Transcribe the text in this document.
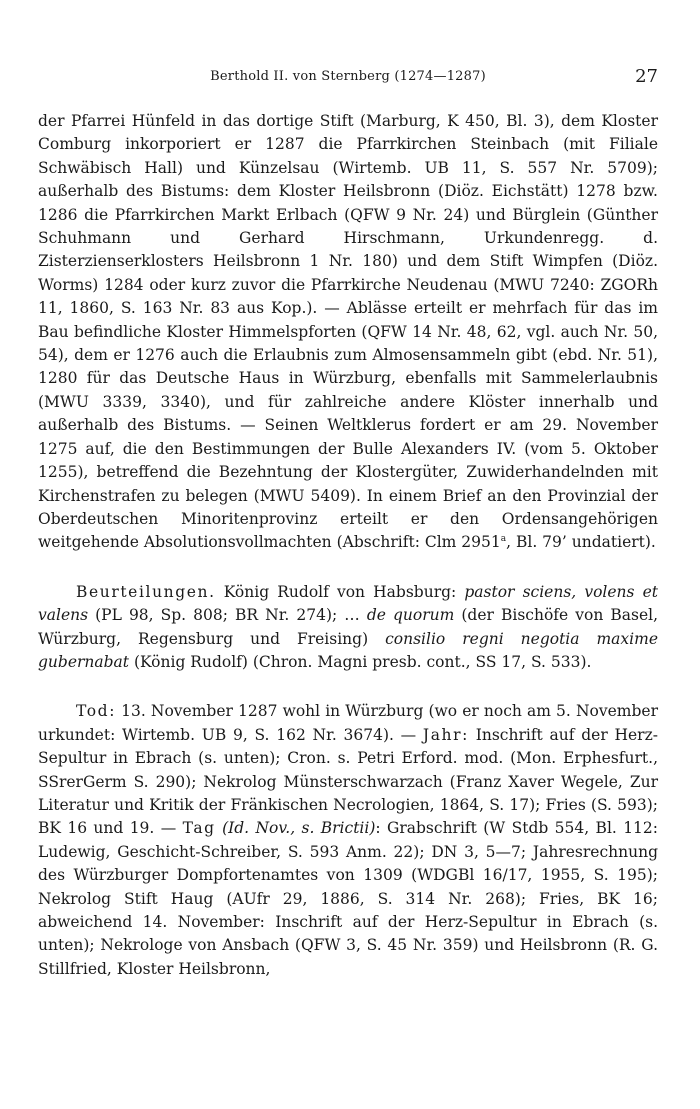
Berthold II. von Sternberg (1274—1287)	27

der Pfarrei Hünfeld in das dortige Stift (Marburg, K 450, Bl. 3), dem Kloster Comburg inkorporiert er 1287 die Pfarrkirchen Steinbach (mit Filiale Schwäbisch Hall) und Künzelsau (Wirtemb. UB 11, S. 557 Nr. 5709); außerhalb des Bistums: dem Kloster Heilsbronn (Diöz. Eichstätt) 1278 bzw. 1286 die Pfarrkirchen Markt Erlbach (QFW 9 Nr. 24) und Bürglein (Günther Schuhmann und Gerhard Hirschmann, Urkundenregg. d. Zisterzienserklosters Heilsbronn 1 Nr. 180) und dem Stift Wimpfen (Diöz. Worms) 1284 oder kurz zuvor die Pfarrkirche Neudenau (MWU 7240: ZGORh 11, 1860, S. 163 Nr. 83 aus Kop.). — Ablässe erteilt er mehrfach für das im Bau befindliche Kloster Himmelspforten (QFW 14 Nr. 48, 62, vgl. auch Nr. 50, 54), dem er 1276 auch die Erlaubnis zum Almosensammeln gibt (ebd. Nr. 51), 1280 für das Deutsche Haus in Würzburg, ebenfalls mit Sammelerlaubnis (MWU 3339, 3340), und für zahlreiche andere Klöster innerhalb und außerhalb des Bistums. — Seinen Weltklerus fordert er am 29. November 1275 auf, die den Bestimmungen der Bulle Alexanders IV. (vom 5. Oktober 1255), betreffend die Bezehntung der Klostergüter, Zuwiderhandelnden mit Kirchenstrafen zu belegen (MWU 5409). In einem Brief an den Provinzial der Oberdeutschen Minoritenprovinz erteilt er den Ordensangehörigen weitgehende Absolutionsvollmachten (Abschrift: Clm 2951$^a$, Bl. 79’ undatiert).

Beurteilungen. König Rudolf von Habsburg: pastor sciens, volens et valens (PL 98, Sp. 808; BR Nr. 274); … de quorum (der Bischöfe von Basel, Würzburg, Regensburg und Freising) consilio regni negotia maxime gubernabat (König Rudolf) (Chron. Magni presb. cont., SS 17, S. 533).

Tod: 13. November 1287 wohl in Würzburg (wo er noch am 5. November urkundet: Wirtemb. UB 9, S. 162 Nr. 3674). — Jahr: Inschrift auf der Herz-Sepultur in Ebrach (s. unten); Cron. s. Petri Erford. mod. (Mon. Erphesfurt., SSrerGerm S. 290); Nekrolog Münsterschwarzach (Franz Xaver Wegele, Zur Literatur und Kritik der Fränkischen Necrologien, 1864, S. 17); Fries (S. 593); BK 16 und 19. — Tag (Id. Nov., s. Brictii): Grabschrift (W Stdb 554, Bl. 112: Ludewig, Geschicht-Schreiber, S. 593 Anm. 22); DN 3, 5—7; Jahresrechnung des Würzburger Dompfortenamtes von 1309 (WDGBl 16/17, 1955, S. 195); Nekrolog Stift Haug (AUfr 29, 1886, S. 314 Nr. 268); Fries, BK 16; abweichend 14. November: Inschrift auf der Herz-Sepultur in Ebrach (s. unten); Nekrologe von Ansbach (QFW 3, S. 45 Nr. 359) und Heilsbronn (R. G. Stillfried, Kloster Heilsbronn,
